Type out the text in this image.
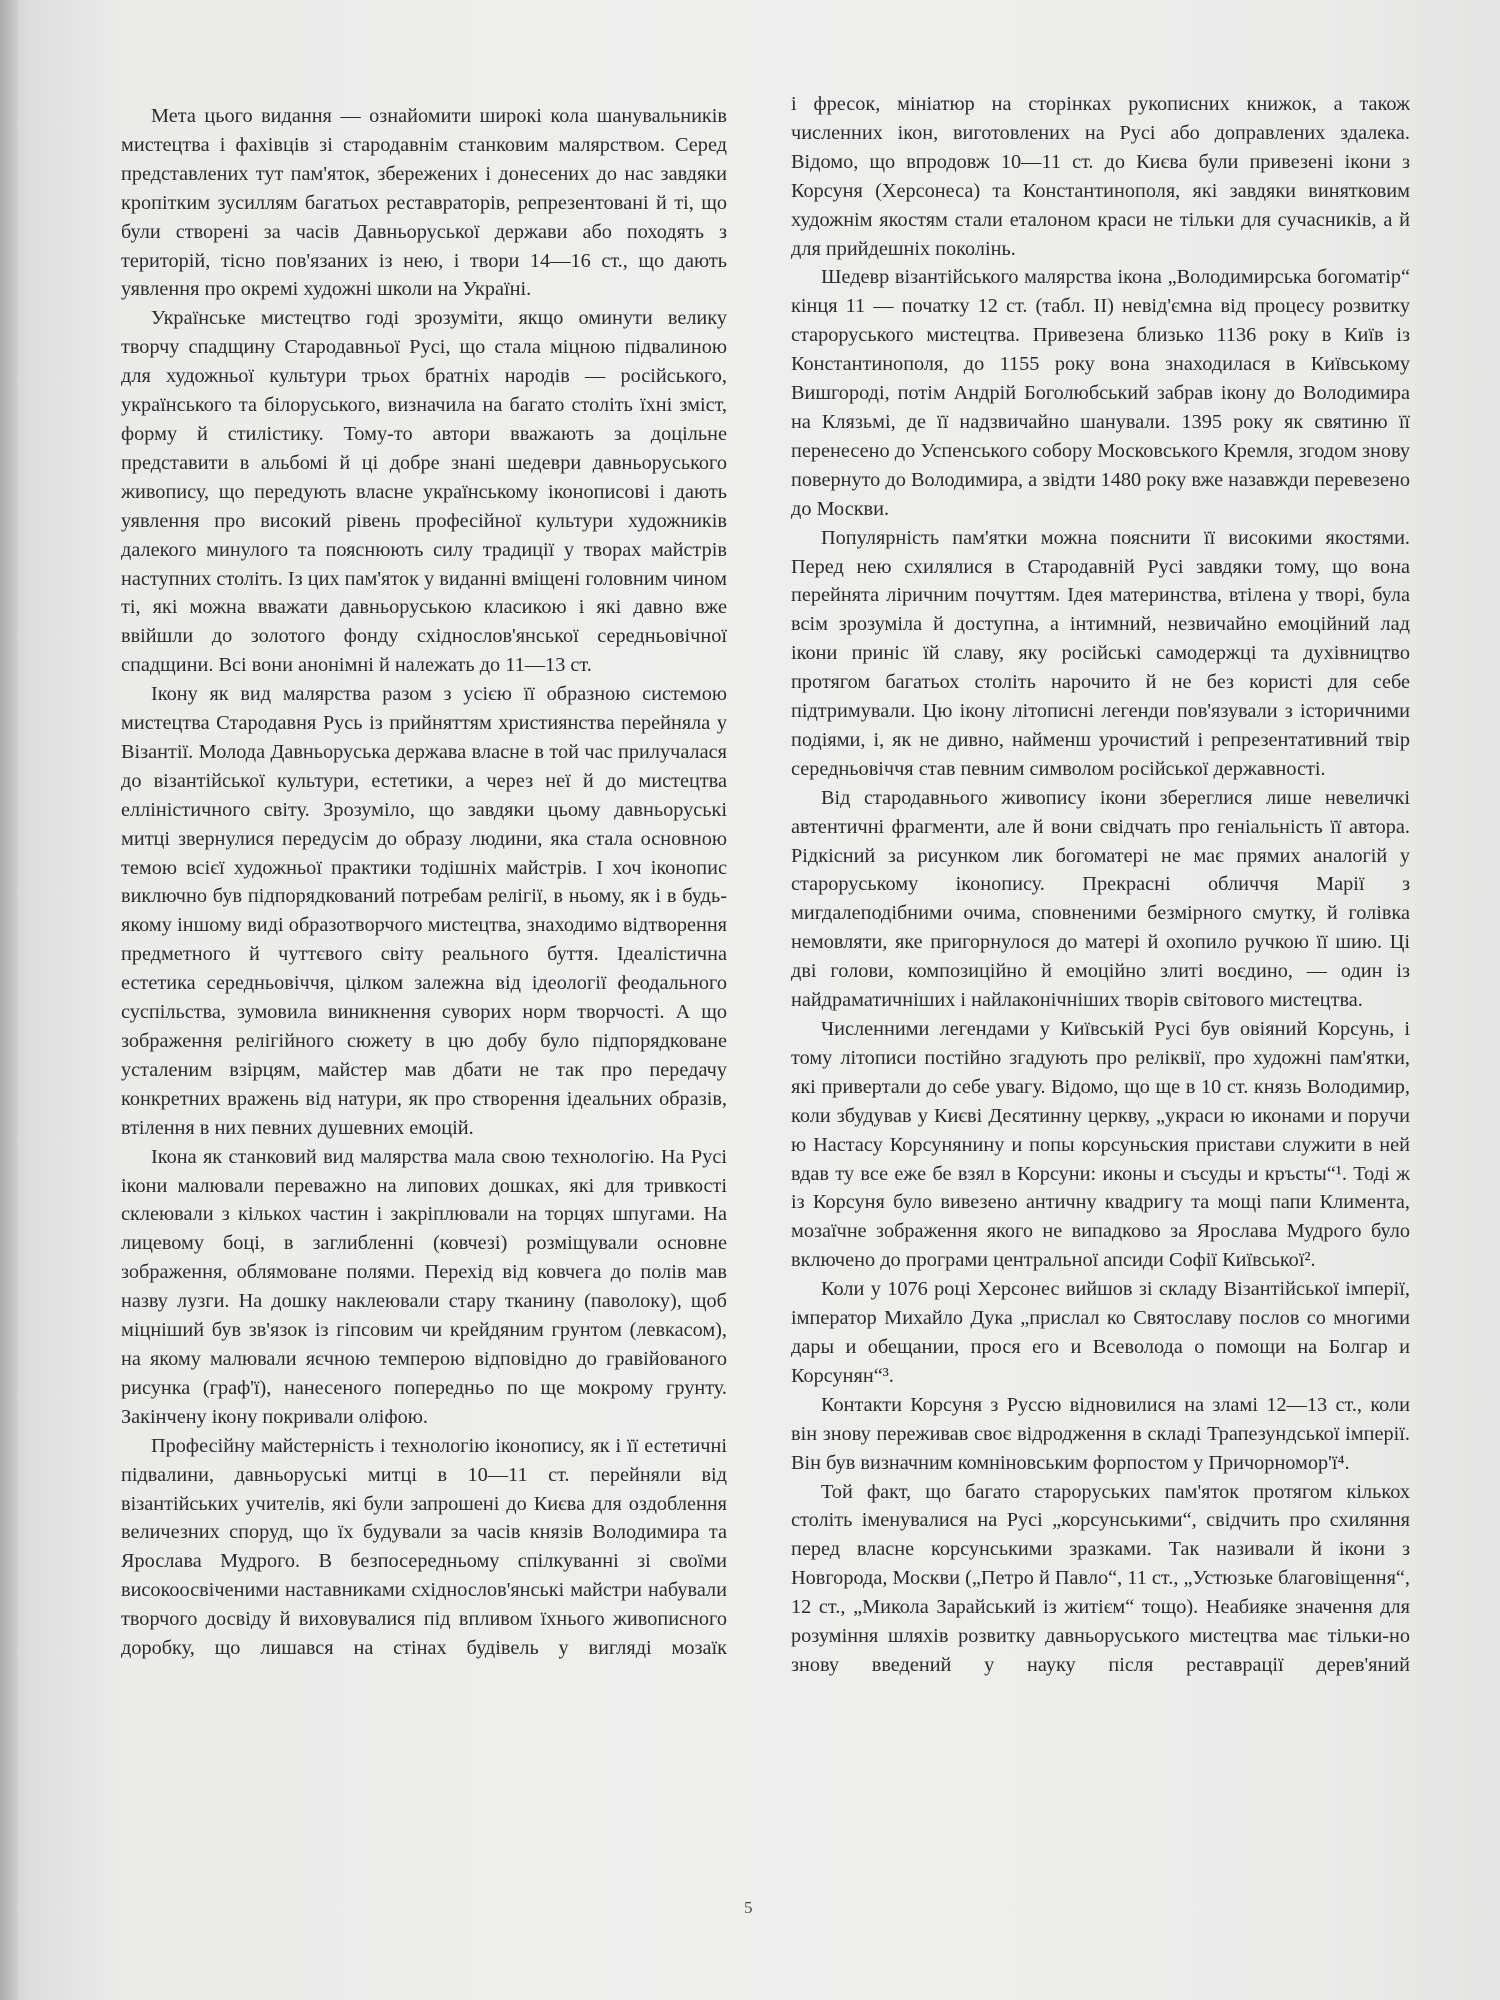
Мета цього видання — ознайомити широкі кола шанувальників мистецтва і фахівців зі стародавнім станковим малярством. Серед представлених тут пам'яток, збережених і донесених до нас завдяки кропітким зусиллям багатьох реставраторів, репрезентовані й ті, що були створені за часів Давньоруської держави або походять з територій, тісно пов'язаних із нею, і твори 14—16 ст., що дають уявлення про окремі художні школи на Україні.

Українське мистецтво годі зрозуміти, якщо оминути велику творчу спадщину Стародавньої Русі, що стала міцною підвалиною для художньої культури трьох братніх народів — російського, українського та білоруського, визначила на багато століть їхні зміст, форму й стилістику. Тому-то автори вважають за доцільне представити в альбомі й ці добре знані шедеври давньоруського живопису, що передують власне українському іконописові і дають уявлення про високий рівень професійної культури художників далекого минулого та пояснюють силу традиції у творах майстрів наступних століть. Із цих пам'яток у виданні вміщені головним чином ті, які можна вважати давньоруською класикою і які давно вже ввійшли до золотого фонду східнослов'янської середньовічної спадщини. Всі вони анонімні й належать до 11—13 ст.

Ікону як вид малярства разом з усією її образною системою мистецтва Стародавня Русь із прийняттям християнства перейняла у Візантії. Молода Давньоруська держава власне в той час прилучалася до візантійської культури, естетики, а через неї й до мистецтва елліністичного світу. Зрозуміло, що завдяки цьому давньоруські митці звернулися передусім до образу людини, яка стала основною темою всієї художньої практики тодішніх майстрів. І хоч іконопис виключно був підпорядкований потребам релігії, в ньому, як і в будь-якому іншому виді образотворчого мистецтва, знаходимо відтворення предметного й чуттєвого світу реального буття. Ідеалістична естетика середньовіччя, цілком залежна від ідеології феодального суспільства, зумовила виникнення суворих норм творчості. А що зображення релігійного сюжету в цю добу було підпорядковане усталеним взірцям, майстер мав дбати не так про передачу конкретних вражень від натури, як про створення ідеальних образів, втілення в них певних душевних емоцій.

Ікона як станковий вид малярства мала свою технологію. На Русі ікони малювали переважно на липових дошках, які для тривкості склеювали з кількох частин і закріплювали на торцях шпугами. На лицевому боці, в заглибленні (ковчезі) розміщували основне зображення, облямоване полями. Перехід від ковчега до полів мав назву лузги. На дошку наклеювали стару тканину (паволоку), щоб міцніший був зв'язок із гіпсовим чи крейдяним грунтом (левкасом), на якому малювали яєчною темперою відповідно до гравійованого рисунка (граф'ї), нанесеного попередньо по ще мокрому грунту. Закінчену ікону покривали оліфою.

Професійну майстерність і технологію іконопису, як і її естетичні підвалини, давньоруські митці в 10—11 ст. перейняли від візантійських учителів, які були запрошені до Києва для оздоблення величезних споруд, що їх будували за часів князів Володимира та Ярослава Мудрого. В безпосередньому спілкуванні зі своїми високоосвіченими наставниками східнослов'янські майстри набували творчого досвіду й виховувалися під впливом їхнього живописного доробку, що лишався на стінах будівель у вигляді мозаїк

і фресок, мініатюр на сторінках рукописних книжок, а також численних ікон, виготовлених на Русі або доправлених здалека. Відомо, що впродовж 10—11 ст. до Києва були привезені ікони з Корсуня (Херсонеса) та Константинополя, які завдяки винятковим художнім якостям стали еталоном краси не тільки для сучасників, а й для прийдешніх поколінь.

Шедевр візантійського малярства ікона „Володимирська богоматір“ кінця 11 — початку 12 ст. (табл. II) невід'ємна від процесу розвитку староруського мистецтва. Привезена близько 1136 року в Київ із Константинополя, до 1155 року вона знаходилася в Київському Вишгороді, потім Андрій Боголюбський забрав ікону до Володимира на Клязьмі, де її надзвичайно шанували. 1395 року як святиню її перенесено до Успенського собору Московського Кремля, згодом знову повернуто до Володимира, а звідти 1480 року вже назавжди перевезено до Москви.

Популярність пам'ятки можна пояснити її високими якостями. Перед нею схилялися в Стародавній Русі завдяки тому, що вона перейнята ліричним почуттям. Ідея материнства, втілена у творі, була всім зрозуміла й доступна, а інтимний, незвичайно емоційний лад ікони приніс їй славу, яку російські самодержці та духівництво протягом багатьох століть нарочито й не без користі для себе підтримували. Цю ікону літописні легенди пов'язували з історичними подіями, і, як не дивно, найменш урочистий і репрезентативний твір середньовіччя став певним символом російської державності.

Від стародавнього живопису ікони збереглися лише невеличкі автентичні фрагменти, але й вони свідчать про геніальність її автора. Рідкісний за рисунком лик богоматері не має прямих аналогій у староруському іконопису. Прекрасні обличчя Марії з мигдалеподібними очима, сповненими безмірного смутку, й голівка немовляти, яке пригорнулося до матері й охопило ручкою її шию. Ці дві голови, композиційно й емоційно злиті воєдино, — один із найдраматичніших і найлаконічніших творів світового мистецтва.

Численними легендами у Київській Русі був овіяний Корсунь, і тому літописи постійно згадують про реліквії, про художні пам'ятки, які привертали до себе увагу. Відомо, що ще в 10 ст. князь Володимир, коли збудував у Києві Десятинну церкву, „украси ю иконами и поручи ю Настасу Корсунянину и попы корсуньския пристави служити в ней вдав ту все еже бе взял в Корсуни: иконы и съсуды и кръсты“¹. Тоді ж із Корсуня було вивезено античну квадригу та мощі папи Климента, мозаїчне зображення якого не випадково за Ярослава Мудрого було включено до програми центральної апсиди Софії Київської².

Коли у 1076 році Херсонес вийшов зі складу Візантійської імперії, імператор Михайло Дука „прислал ко Святославу послов со многими дары и обещании, прося его и Всеволода о помощи на Болгар и Корсунян“³.

Контакти Корсуня з Руссю відновилися на зламі 12—13 ст., коли він знову переживав своє відродження в складі Трапезундської імперії. Він був визначним комніновським форпостом у Причорномор'ї⁴.

Той факт, що багато староруських пам'яток протягом кількох століть іменувалися на Русі „корсунськими“, свідчить про схиляння перед власне корсунськими зразками. Так називали й ікони з Новгорода, Москви („Петро й Павло“, 11 ст., „Устюзьке благовіщення“, 12 ст., „Микола Зарайський із житієм“ тощо). Неабияке значення для розуміння шляхів розвитку давньоруського мистецтва має тільки-но знову введений у науку після реставрації дерев'яний

5
